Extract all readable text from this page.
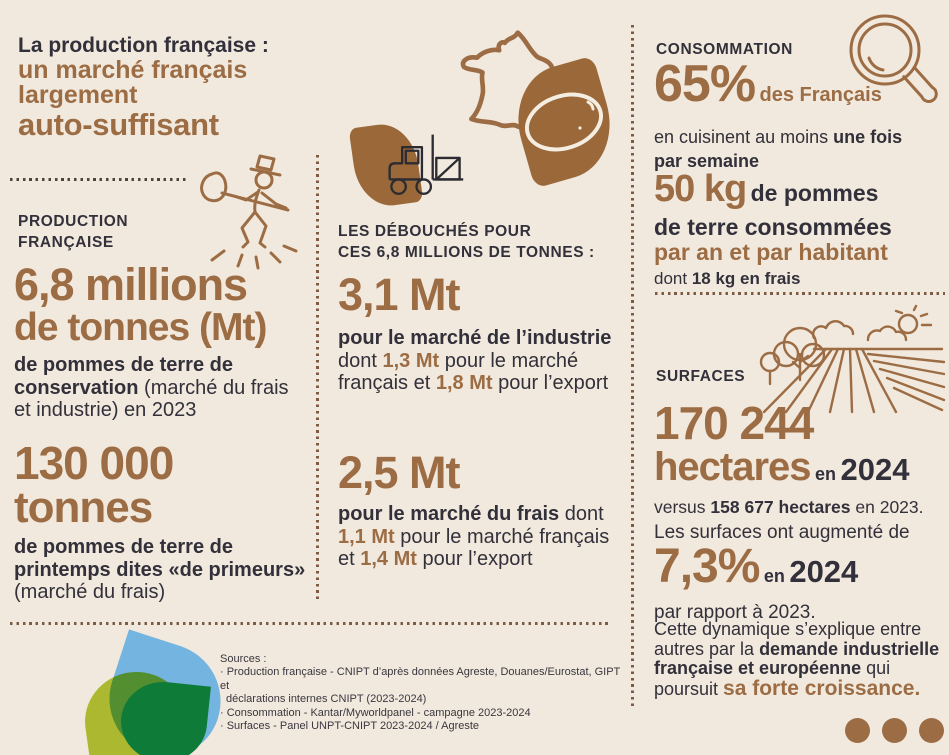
La production française :
un marché français
largement
auto-suffisant
PRODUCTION
FRANÇAISE
6,8 millions
de tonnes (Mt)
de pommes de terre de
conservation (marché du frais
et industrie) en 2023
130 000
tonnes
de pommes de terre de
printemps dites «de primeurs»
(marché du frais)
LES DÉBOUCHÉS POUR
CES 6,8 MILLIONS DE TONNES :
3,1 Mt
pour le marché de l’industrie
dont 1,3 Mt pour le marché
français et 1,8 Mt pour l’export
2,5 Mt
pour le marché du frais dont
1,1 Mt pour le marché français
et 1,4 Mt pour l’export
CONSOMMATION
65% des Français
en cuisinent au moins une fois
par semaine
50 kg de pommes
de terre consommées
par an et par habitant
dont 18 kg en frais
SURFACES
170 244
hectares en 2024
versus 158 677 hectares en 2023.
Les surfaces ont augmenté de
7,3% en 2024
par rapport à 2023.
Cette dynamique s’explique entre
autres par la demande industrielle
française et européenne qui
poursuit sa forte croissance.
Sources :
· Production française - CNIPT d’après données Agreste, Douanes/Eurostat, GIPT et
déclarations internes CNIPT (2023-2024)
· Consommation - Kantar/Myworldpanel - campagne 2023-2024
· Surfaces - Panel UNPT-CNIPT 2023-2024 / Agreste
